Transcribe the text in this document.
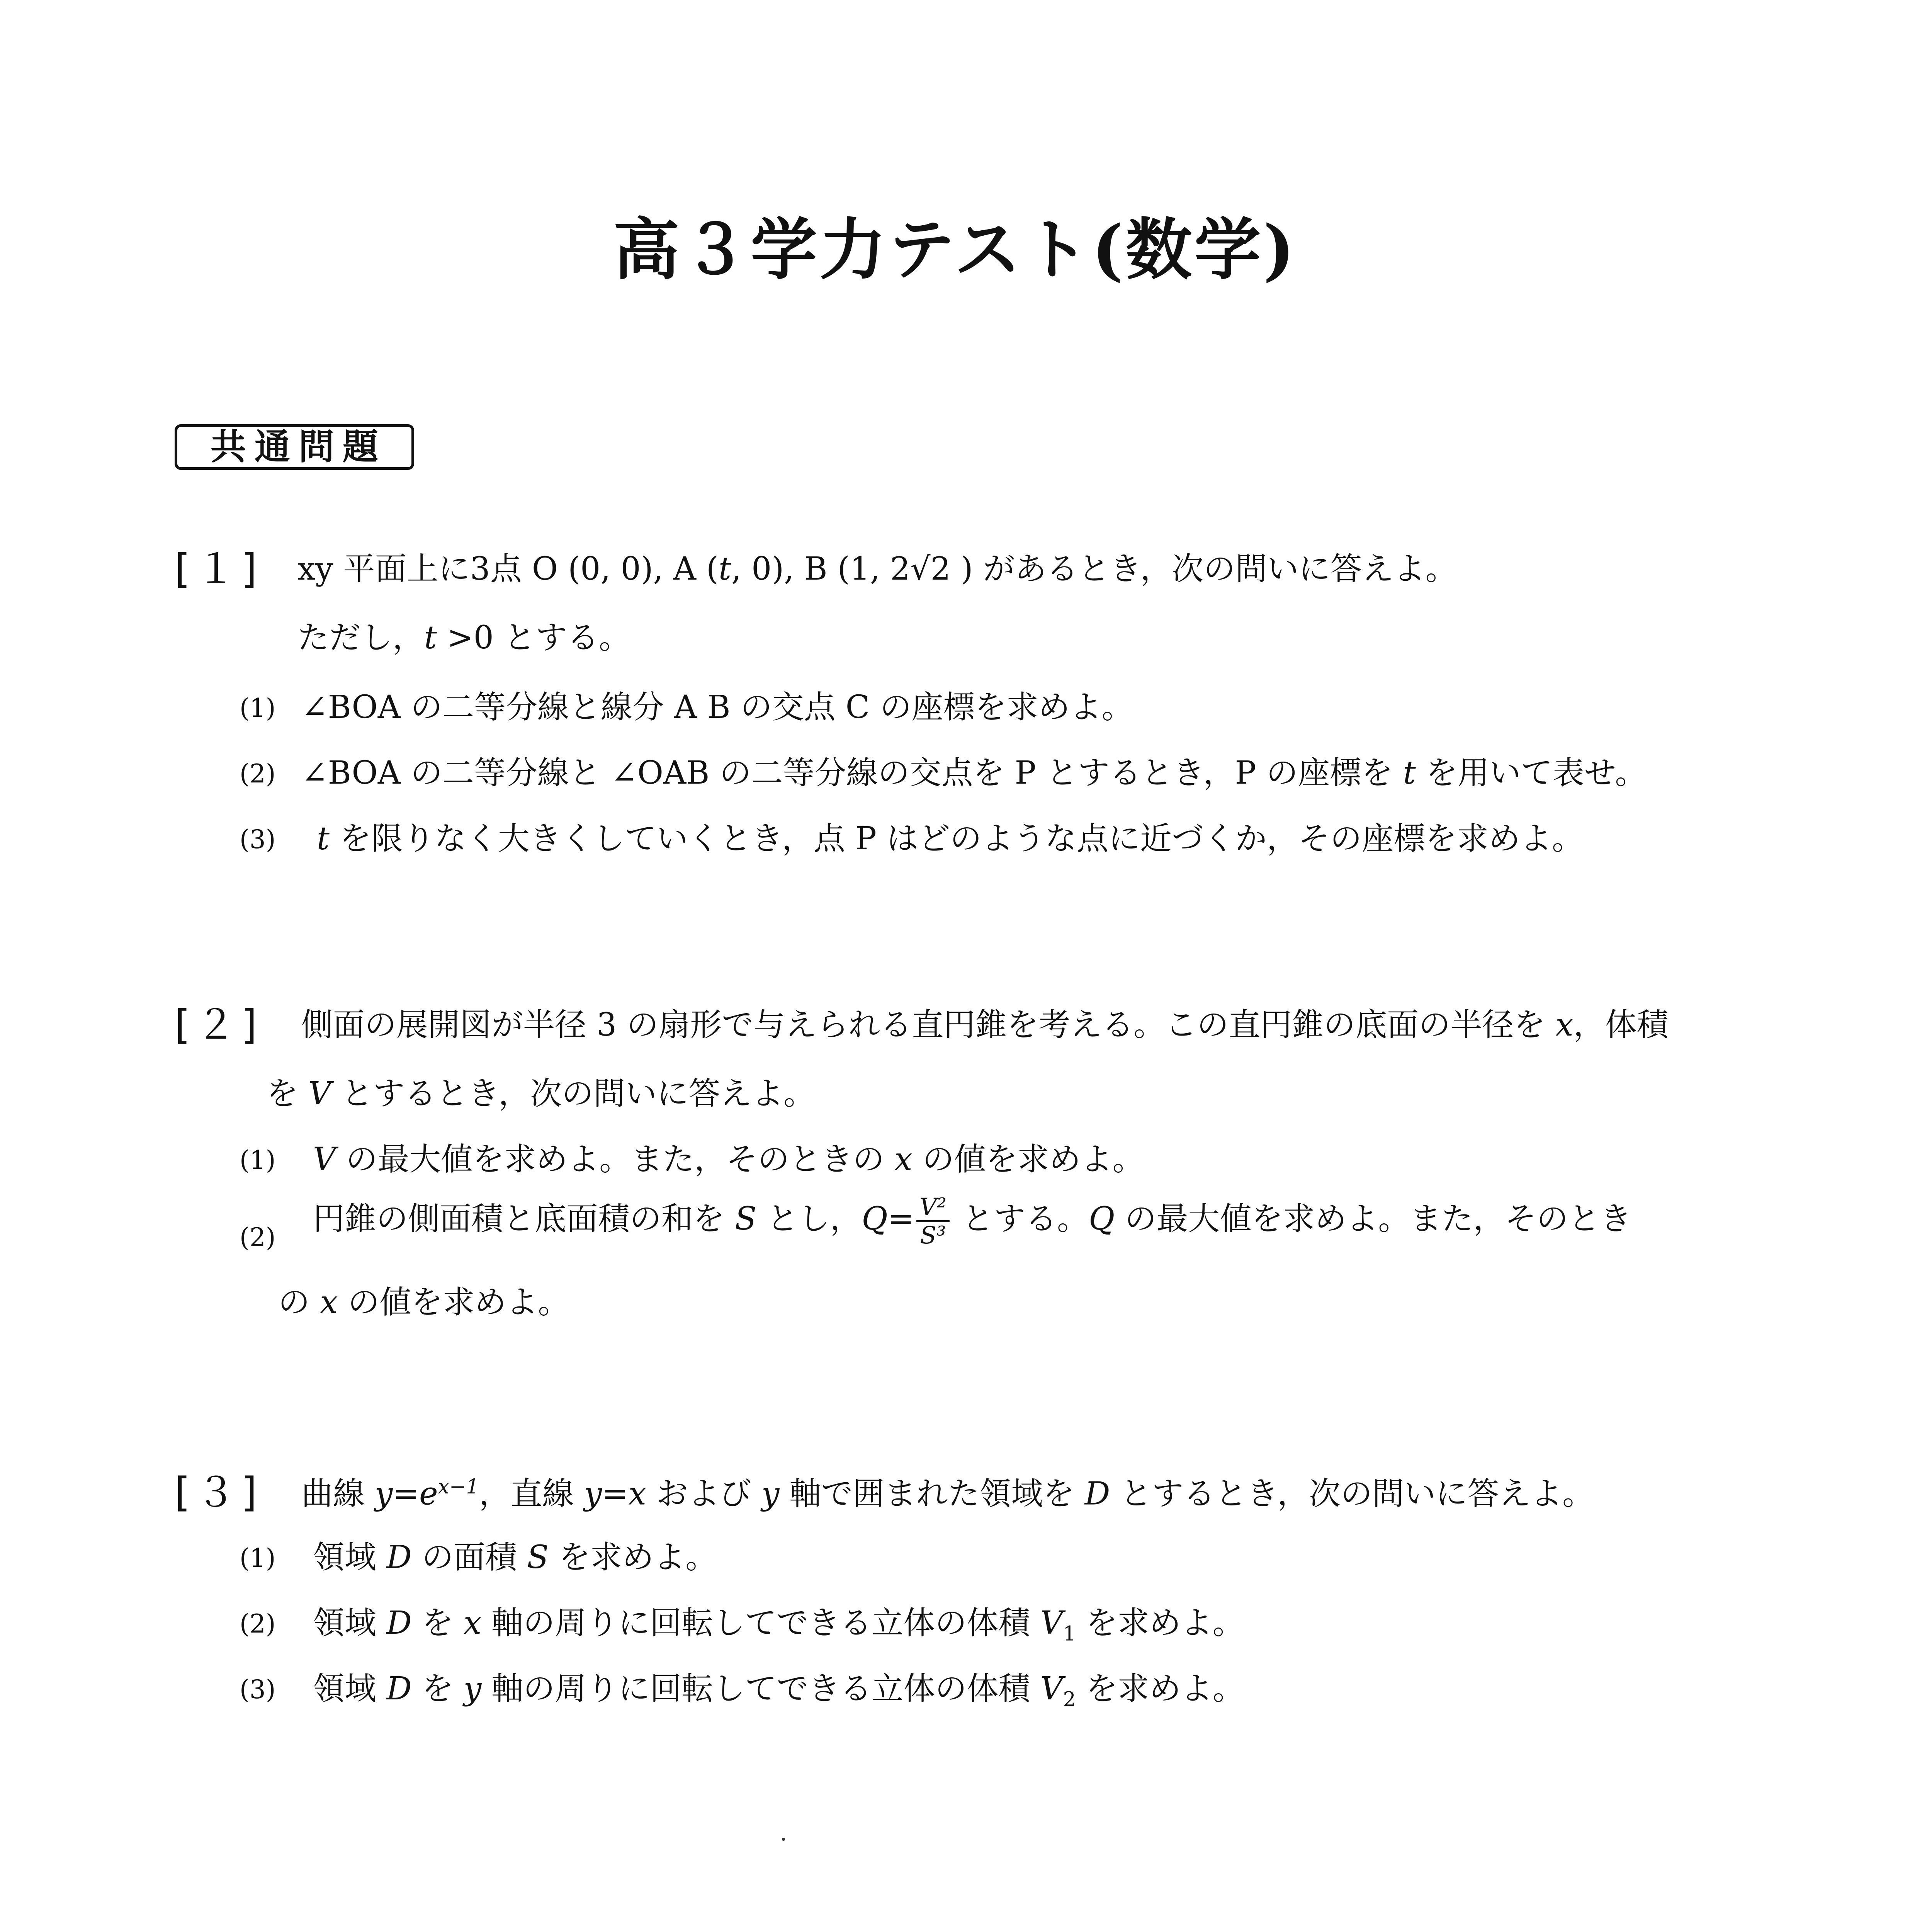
高３学力テスト(数学)
共通問題
[１] xy 平面上に3点 O (0, 0), A (t, 0), B (1, 2√2 ) があるとき，次の問いに答えよ。
ただし，t >0 とする。
(1) ∠BOA の二等分線と線分 A B の交点 C の座標を求めよ。
(2) ∠BOA の二等分線と ∠OAB の二等分線の交点を P とするとき，P の座標を t を用いて表せ。
(3) t を限りなく大きくしていくとき，点 P はどのような点に近づくか，その座標を求めよ。
[２] 側面の展開図が半径 3 の扇形で与えられる直円錐を考える。この直円錐の底面の半径を x，体積
を V とするとき，次の問いに答えよ。
(1) V の最大値を求めよ。また，そのときの x の値を求めよ。
(2)
円錐の側面積と底面積の和を S とし，$Q= \frac{\text{V²}}{\text{S³}}$ とする。Q の最大値を求めよ。また，そのとき
の x の値を求めよ。
[３] 曲線 $y=e^{x-1}$，直線 y=x および y 軸で囲まれた領域を D とするとき，次の問いに答えよ。
(1) 領域 D の面積 S を求めよ。
(2) 領域 D を x 軸の周りに回転してできる立体の体積 $V_1$ を求めよ。
(3) 領域 D を y 軸の周りに回転してできる立体の体積 $V_2$ を求めよ。
